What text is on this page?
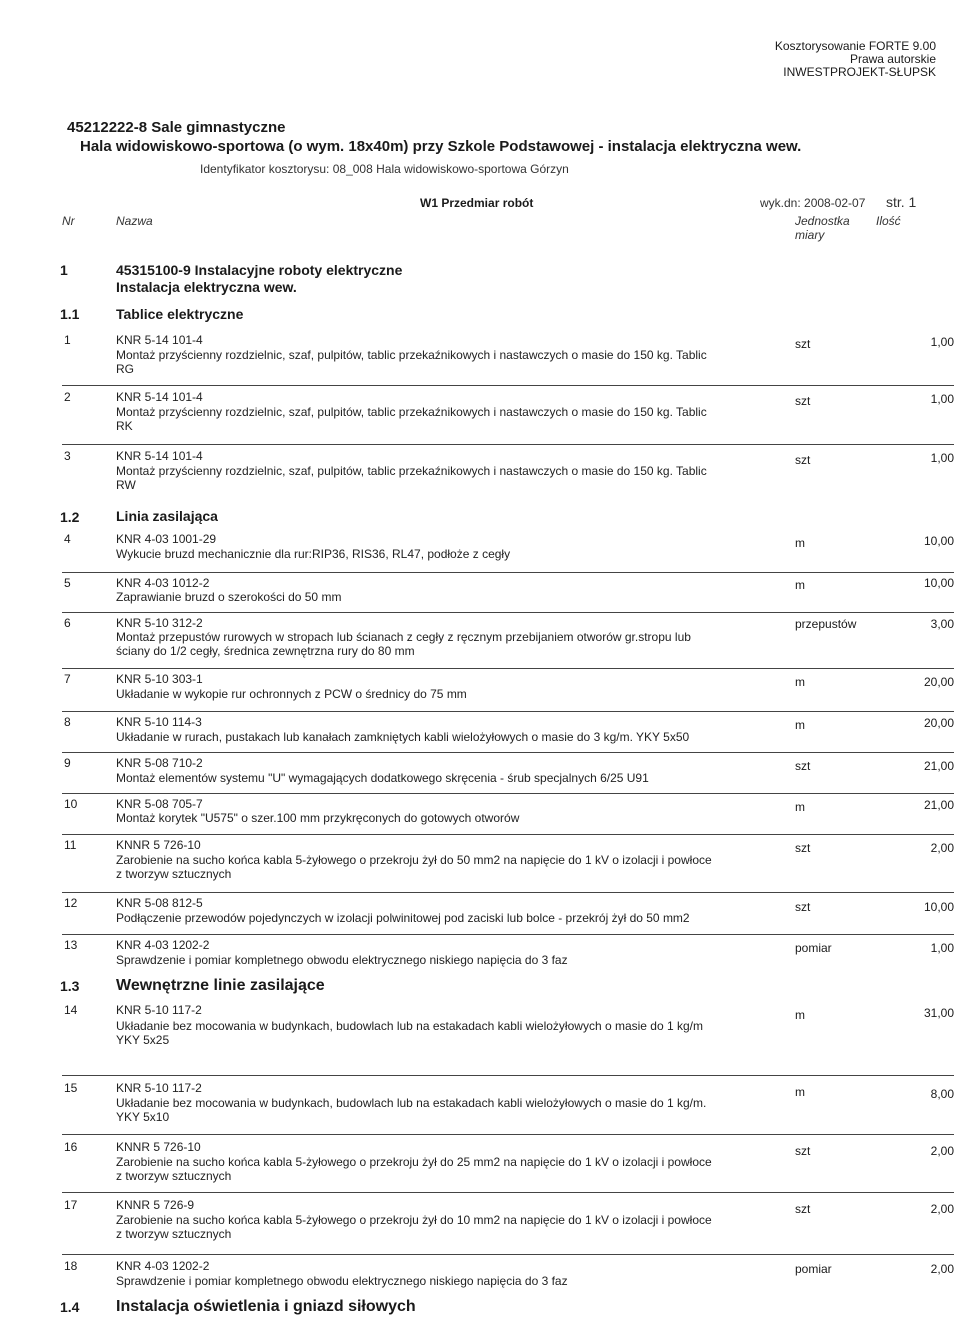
Kosztorysowanie FORTE 9.00
Prawa autorskie
INWESTPROJEKT-SŁUPSK
45212222-8 Sale gimnastyczne
Hala widowiskowo-sportowa (o wym. 18x40m) przy Szkole Podstawowej - instalacja elektryczna wew.
Identyfikator kosztorysu: 08_008 Hala widowiskowo-sportowa Górzyn
W1 Przedmiar robót	wyk.dn: 2008-02-07 str. 1
Nr	Nazwa	Jednostka
miary
Ilość
1	45315100-9 Instalacyjne roboty elektryczne
Instalacja elektryczna wew.
1.1	Tablice elektryczne
1.2	Linia zasilająca
1.3 Wewnętrzne linie zasilające
1.4 Instalacja oświetlenia i gniazd siłowych
1	KNR 5-14 101-4	szt	1,00
Montaż przyścienny rozdzielnic, szaf, pulpitów, tablic przekaźnikowych i nastawczych o masie do 150 kg. Tablic
RG
2	KNR 5-14 101-4	szt	1,00
Montaż przyścienny rozdzielnic, szaf, pulpitów, tablic przekaźnikowych i nastawczych o masie do 150 kg. Tablic
RK
3	KNR 5-14 101-4	szt	1,00
Montaż przyścienny rozdzielnic, szaf, pulpitów, tablic przekaźnikowych i nastawczych o masie do 150 kg. Tablic
RW
4	KNR 4-03 1001-29	m	10,00
Wykucie bruzd mechanicznie dla rur:RIP36, RIS36, RL47, podłoże z cegły
5	KNR 4-03 1012-2	m	10,00
Zaprawianie bruzd o szerokości do 50 mm
6	KNR 5-10 312-2	przepustów	3,00
Montaż przepustów rurowych w stropach lub ścianach z cegły z ręcznym przebijaniem otworów gr.stropu lub
ściany do 1/2 cegły, średnica zewnętrzna rury do 80 mm
7	KNR 5-10 303-1	m	20,00
Układanie w wykopie rur ochronnych z PCW o średnicy do 75 mm
8	KNR 5-10 114-3	m	20,00
Układanie w rurach, pustakach lub kanałach zamkniętych kabli wielożyłowych o masie do 3 kg/m. YKY 5x50
9	KNR 5-08 710-2	szt	21,00
Montaż elementów systemu "U" wymagających dodatkowego skręcenia - śrub specjalnych 6/25 U91
10	KNR 5-08 705-7	m	21,00
Montaż korytek "U575" o szer.100 mm przykręconych do gotowych otworów
11	KNNR 5 726-10	szt	2,00
Zarobienie na sucho końca kabla 5-żyłowego o przekroju żył do 50 mm2 na napięcie do 1 kV o izolacji i powłoce
z tworzyw sztucznych
12	KNR 5-08 812-5	szt	10,00
Podłączenie przewodów pojedynczych w izolacji polwinitowej pod zaciski lub bolce - przekrój żył do 50 mm2
13	KNR 4-03 1202-2	pomiar	1,00
Sprawdzenie i pomiar kompletnego obwodu elektrycznego niskiego napięcia do 3 faz
14	KNR 5-10 117-2	m	31,00
Układanie bez mocowania w budynkach, budowlach lub na estakadach kabli wielożyłowych o masie do 1 kg/m
YKY 5x25
15	KNR 5-10 117-2	m	8,00
Układanie bez mocowania w budynkach, budowlach lub na estakadach kabli wielożyłowych o masie do 1 kg/m.
YKY 5x10
16	KNNR 5 726-10	szt	2,00
Zarobienie na sucho końca kabla 5-żyłowego o przekroju żył do 25 mm2 na napięcie do 1 kV o izolacji i powłoce
z tworzyw sztucznych
17	KNNR 5 726-9	szt	2,00
Zarobienie na sucho końca kabla 5-żyłowego o przekroju żył do 10 mm2 na napięcie do 1 kV o izolacji i powłoce
z tworzyw sztucznych
18	KNR 4-03 1202-2	pomiar	2,00
Sprawdzenie i pomiar kompletnego obwodu elektrycznego niskiego napięcia do 3 faz
